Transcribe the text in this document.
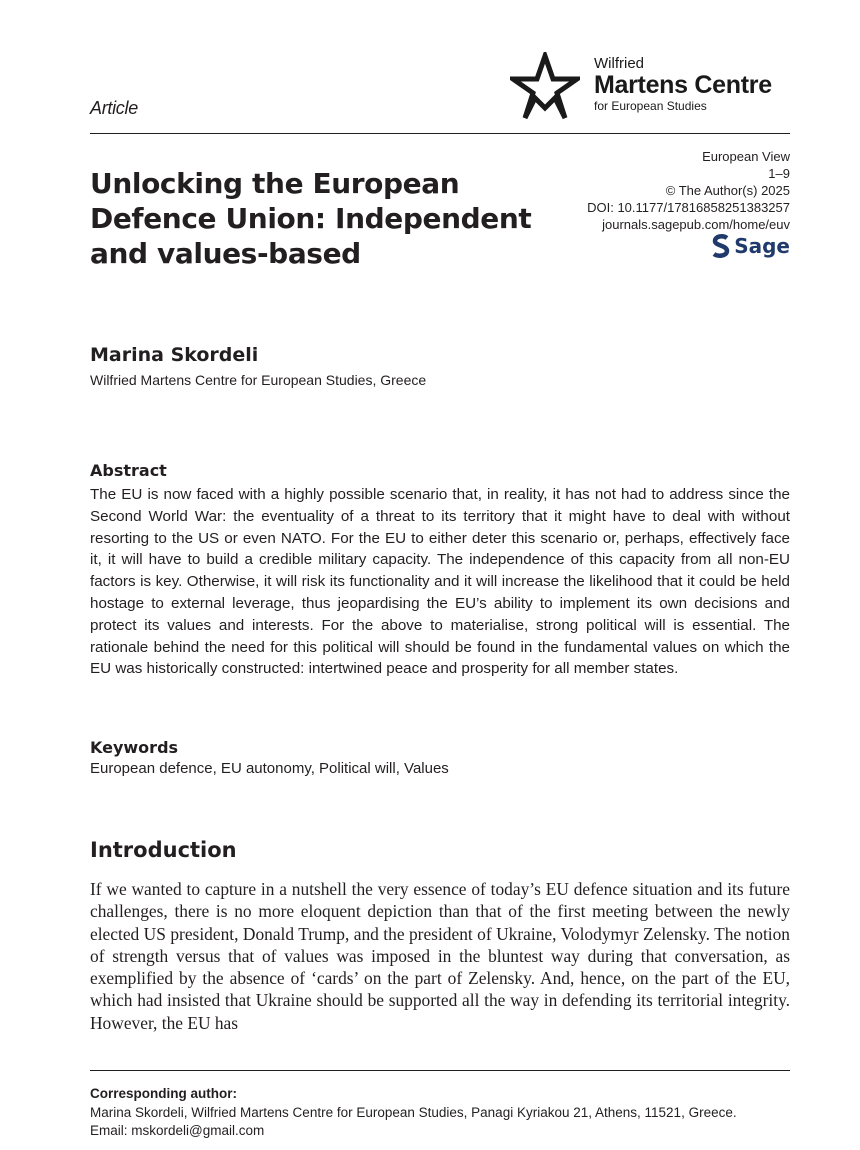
Article
Wilfried
Martens Centre
for European Studies
Unlocking the European Defence Union: Independent and values-based
European View
1–9
© The Author(s) 2025
DOI: 10.1177/17816858251383257
journals.sagepub.com/home/euv
Sage
Marina Skordeli
Wilfried Martens Centre for European Studies, Greece
Abstract
The EU is now faced with a highly possible scenario that, in reality, it has not had to address since the Second World War: the eventuality of a threat to its territory that it might have to deal with without resorting to the US or even NATO. For the EU to either deter this scenario or, perhaps, effectively face it, it will have to build a credible military capacity. The independence of this capacity from all non-EU factors is key. Otherwise, it will risk its functionality and it will increase the likelihood that it could be held hostage to external leverage, thus jeopardising the EU’s ability to implement its own decisions and protect its values and interests. For the above to materialise, strong political will is essential. The rationale behind the need for this political will should be found in the fundamental values on which the EU was historically constructed: intertwined peace and prosperity for all member states.
Keywords
European defence, EU autonomy, Political will, Values
Introduction
If we wanted to capture in a nutshell the very essence of today’s EU defence situation and its future challenges, there is no more eloquent depiction than that of the first meeting between the newly elected US president, Donald Trump, and the president of Ukraine, Volodymyr Zelensky. The notion of strength versus that of values was imposed in the bluntest way during that conversation, as exemplified by the absence of ‘cards’ on the part of Zelensky. And, hence, on the part of the EU, which had insisted that Ukraine should be supported all the way in defending its territorial integrity. However, the EU has
Corresponding author:
Marina Skordeli, Wilfried Martens Centre for European Studies, Panagi Kyriakou 21, Athens, 11521, Greece.
Email: mskordeli@gmail.com
